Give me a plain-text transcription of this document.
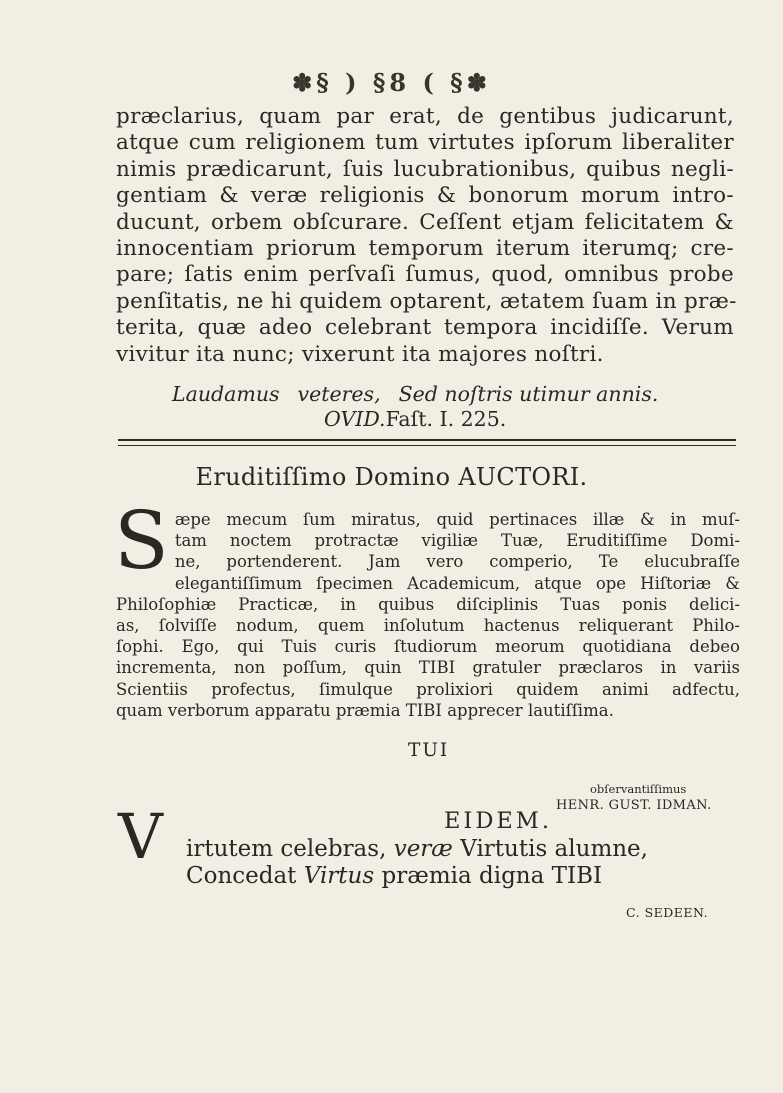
✽§ ) §8 ( §✽
præclarius, quam par erat, de gentibus judicarunt,
atque cum religionem tum virtutes ipſorum liberaliter
nimis prædicarunt, ſuis lucubrationibus, quibus negli-
gentiam & veræ religionis & bonorum morum intro-
ducunt, orbem obſcurare. Ceſſent etjam felicitatem &
innocentiam priorum temporum iterum iterumq; cre-
pare; ſatis enim perſvaſi ſumus, quod, omnibus probe
penſitatis, ne hi quidem optarent, ætatem ſuam in præ-
terita, quæ adeo celebrant tempora incidiſſe. Verum
vivitur ita nunc; vixerunt ita majores noſtri.
Laudamus veteres, Sed noſtris utimur annis.
OVID.Faſt. I. 225.
Eruditiſſimo Domino AUCTORI.
S æpe mecum ſum miratus, quid pertinaces illæ & in muſ-
tam noctem protractæ vigiliæ Tuæ, Eruditiſſime Domi-
ne, portenderent. Jam vero comperio, Te elucubraſſe
elegantiſſimum ſpecimen Academicum, atque ope Hiſtoriæ &
Philoſophiæ Practicæ, in quibus diſciplinis Tuas ponis delici-
as, ſolviſſe nodum, quem inſolutum hactenus reliquerant Philo-
ſophi. Ego, qui Tuis curis ſtudiorum meorum quotidiana debeo
incrementa, non poſſum, quin TIBI gratuler præclaros in variis
Scientiis profectus, ſimulque prolixiori quidem animi adfectu,
quam verborum apparatu præmia TIBI apprecer lautiſſima.
TUI
obſervantiſſimus
HENR. GUST. IDMAN.
EIDEM.
V irtutem celebras, veræ Virtutis alumne,
Concedat Virtus præmia digna TIBI
C. SEDEEN.
